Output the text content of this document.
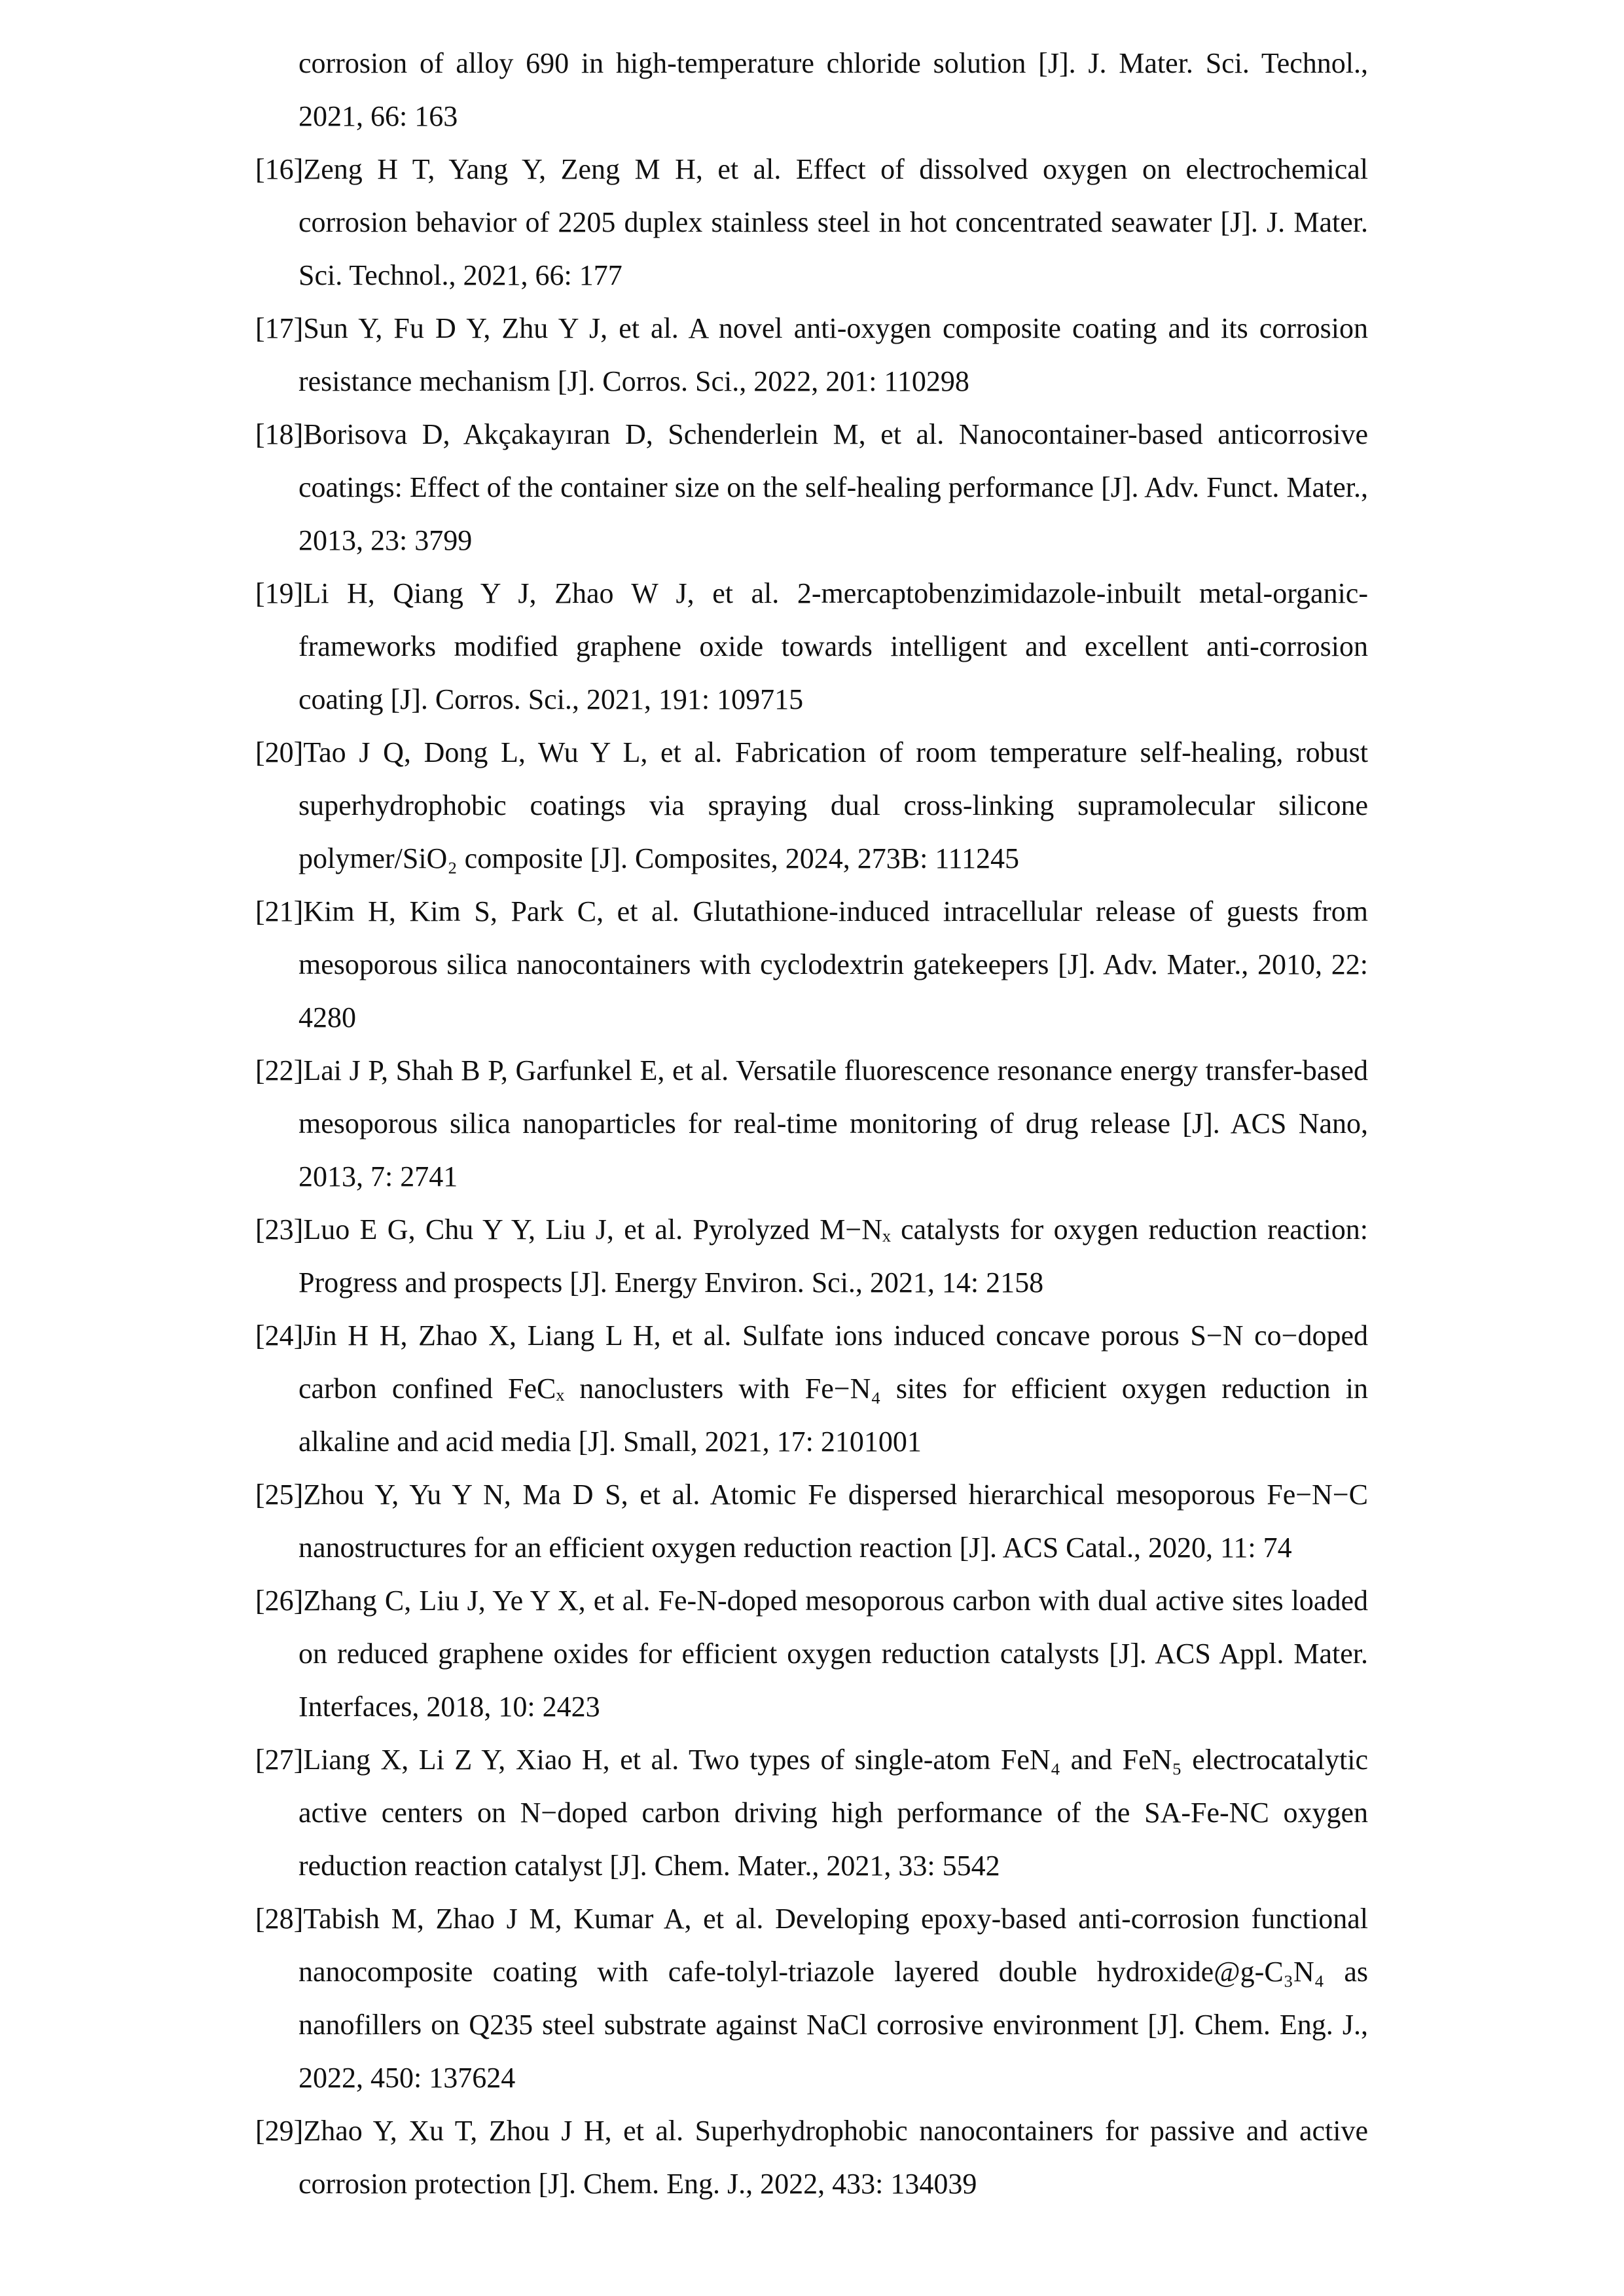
corrosion of alloy 690 in high-temperature chloride solution [J]. J. Mater. Sci. Technol., 2021, 66: 163

[16]Zeng H T, Yang Y, Zeng M H, et al. Effect of dissolved oxygen on electrochemical corrosion behavior of 2205 duplex stainless steel in hot concentrated seawater [J]. J. Mater. Sci. Technol., 2021, 66: 177

[17]Sun Y, Fu D Y, Zhu Y J, et al. A novel anti-oxygen composite coating and its corrosion resistance mechanism [J]. Corros. Sci., 2022, 201: 110298

[18]Borisova D, Akçakayıran D, Schenderlein M, et al. Nanocontainer-based anticorrosive coatings: Effect of the container size on the self-healing performance [J]. Adv. Funct. Mater., 2013, 23: 3799

[19]Li H, Qiang Y J, Zhao W J, et al. 2-mercaptobenzimidazole-inbuilt metal-organic-frameworks modified graphene oxide towards intelligent and excellent anti-corrosion coating [J]. Corros. Sci., 2021, 191: 109715

[20]Tao J Q, Dong L, Wu Y L, et al. Fabrication of room temperature self-healing, robust superhydrophobic coatings via spraying dual cross-linking supramolecular silicone polymer/SiO₂ composite [J]. Composites, 2024, 273B: 111245

[21]Kim H, Kim S, Park C, et al. Glutathione-induced intracellular release of guests from mesoporous silica nanocontainers with cyclodextrin gatekeepers [J]. Adv. Mater., 2010, 22: 4280

[22]Lai J P, Shah B P, Garfunkel E, et al. Versatile fluorescence resonance energy transfer-based mesoporous silica nanoparticles for real-time monitoring of drug release [J]. ACS Nano, 2013, 7: 2741

[23]Luo E G, Chu Y Y, Liu J, et al. Pyrolyzed M−Nₓ catalysts for oxygen reduction reaction: Progress and prospects [J]. Energy Environ. Sci., 2021, 14: 2158

[24]Jin H H, Zhao X, Liang L H, et al. Sulfate ions induced concave porous S−N co−doped carbon confined FeCₓ nanoclusters with Fe−N₄ sites for efficient oxygen reduction in alkaline and acid media [J]. Small, 2021, 17: 2101001

[25]Zhou Y, Yu Y N, Ma D S, et al. Atomic Fe dispersed hierarchical mesoporous Fe−N−C nanostructures for an efficient oxygen reduction reaction [J]. ACS Catal., 2020, 11: 74

[26]Zhang C, Liu J, Ye Y X, et al. Fe-N-doped mesoporous carbon with dual active sites loaded on reduced graphene oxides for efficient oxygen reduction catalysts [J]. ACS Appl. Mater. Interfaces, 2018, 10: 2423

[27]Liang X, Li Z Y, Xiao H, et al. Two types of single-atom FeN₄ and FeN₅ electrocatalytic active centers on N−doped carbon driving high performance of the SA-Fe-NC oxygen reduction reaction catalyst [J]. Chem. Mater., 2021, 33: 5542

[28]Tabish M, Zhao J M, Kumar A, et al. Developing epoxy-based anti-corrosion functional nanocomposite coating with cafe-tolyl-triazole layered double hydroxide@g-C₃N₄ as nanofillers on Q235 steel substrate against NaCl corrosive environment [J]. Chem. Eng. J., 2022, 450: 137624

[29]Zhao Y, Xu T, Zhou J H, et al. Superhydrophobic nanocontainers for passive and active corrosion protection [J]. Chem. Eng. J., 2022, 433: 134039
